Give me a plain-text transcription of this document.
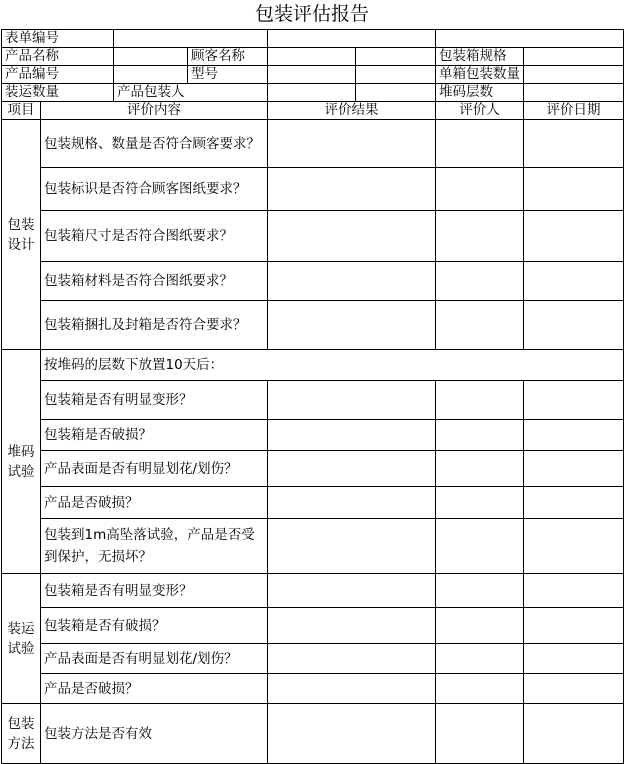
包装评估报告
表单编号							
产品名称			顾客名称			包装箱规格	
产品编号			型号			单箱包装数量	
装运数量		产品包装人				堆码层数	
项目	评价内容			评价结果		评价人	评价日期
包装设计	包装规格、数量是否符合顾客要求？						
	包装标识是否符合顾客图纸要求？						
	包装箱尺寸是否符合图纸要求？						
	包装箱材料是否符合图纸要求？						
	包装箱捆扎及封箱是否符合要求？						
堆码试验	按堆码的层数下放置10天后：						
	包装箱是否有明显变形？						
	包装箱是否破损？						
	产品表面是否有明显划花/划伤？						
	产品是否破损？						
	包装到1m高坠落试验，产品是否受到保护，无损坏？						
装运试验	包装箱是否有明显变形？						
	包装箱是否有破损？						
	产品表面是否有明显划花/划伤？						
	产品是否破损？						
包装方法	包装方法是否有效						
